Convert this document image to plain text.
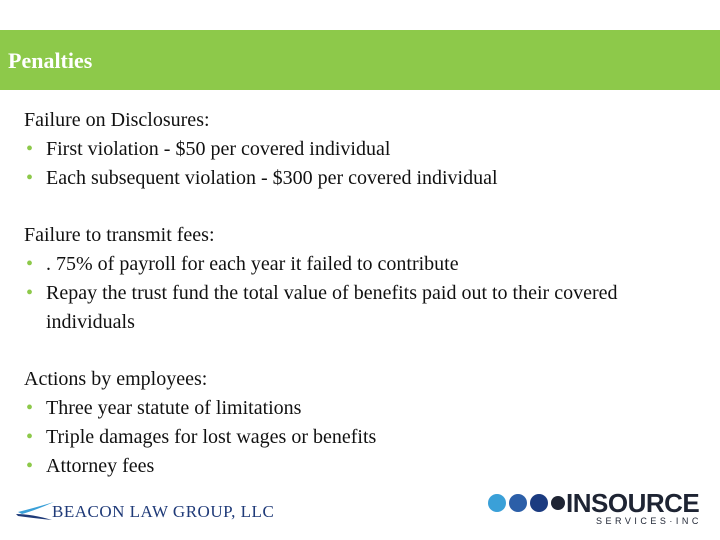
Penalties
Failure on Disclosures:
• First violation - $50 per covered individual
• Each subsequent violation - $300 per covered individual
Failure to transmit fees:
• . 75% of payroll for each year it failed to contribute
• Repay the trust fund the total value of benefits paid out to their covered individuals
Actions by employees:
• Three year statute of limitations
• Triple damages for lost wages or benefits
• Attorney fees
BEACON LAW GROUP, LLC	INSOURCE
SERVICES·INC
